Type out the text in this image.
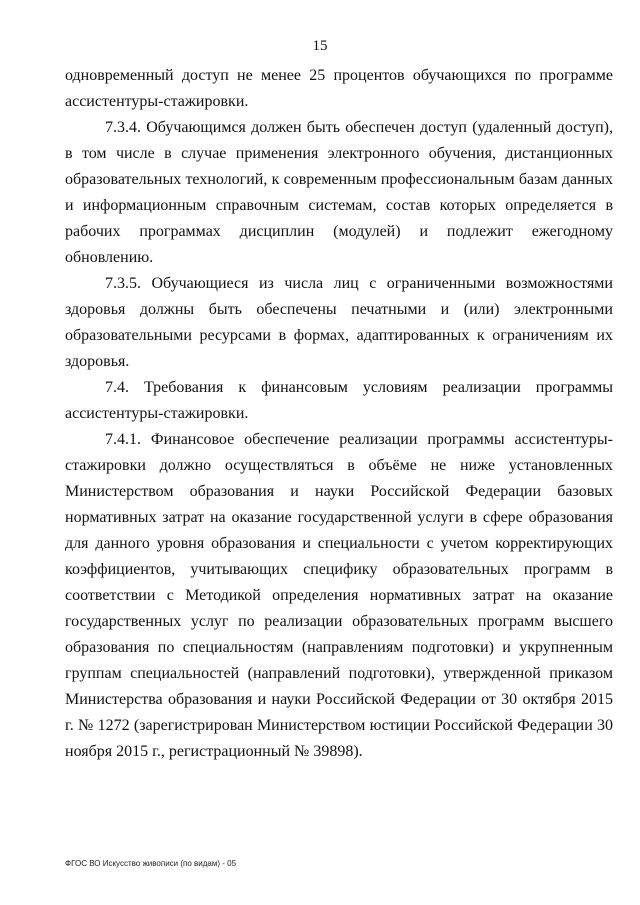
15

одновременный доступ не менее 25 процентов обучающихся по программе ассистентуры-стажировки.

7.3.4. Обучающимся должен быть обеспечен доступ (удаленный доступ), в том числе в случае применения электронного обучения, дистанционных образовательных технологий, к современным профессиональным базам данных и информационным справочным системам, состав которых определяется в рабочих программах дисциплин (модулей) и подлежит ежегодному обновлению.

7.3.5. Обучающиеся из числа лиц с ограниченными возможностями здоровья должны быть обеспечены печатными и (или) электронными образовательными ресурсами в формах, адаптированных к ограничениям их здоровья.

7.4. Требования к финансовым условиям реализации программы ассистентуры-стажировки.

7.4.1. Финансовое обеспечение реализации программы ассистентуры-стажировки должно осуществляться в объёме не ниже установленных Министерством образования и науки Российской Федерации базовых нормативных затрат на оказание государственной услуги в сфере образования для данного уровня образования и специальности с учетом корректирующих коэффициентов, учитывающих специфику образовательных программ в соответствии с Методикой определения нормативных затрат на оказание государственных услуг по реализации образовательных программ высшего образования по специальностям (направлениям подготовки) и укрупненным группам специальностей (направлений подготовки), утвержденной приказом Министерства образования и науки Российской Федерации от 30 октября 2015 г. № 1272 (зарегистрирован Министерством юстиции Российской Федерации 30 ноября 2015 г., регистрационный № 39898).

ФГОС ВО Искусство живописи (по видам) - 05
